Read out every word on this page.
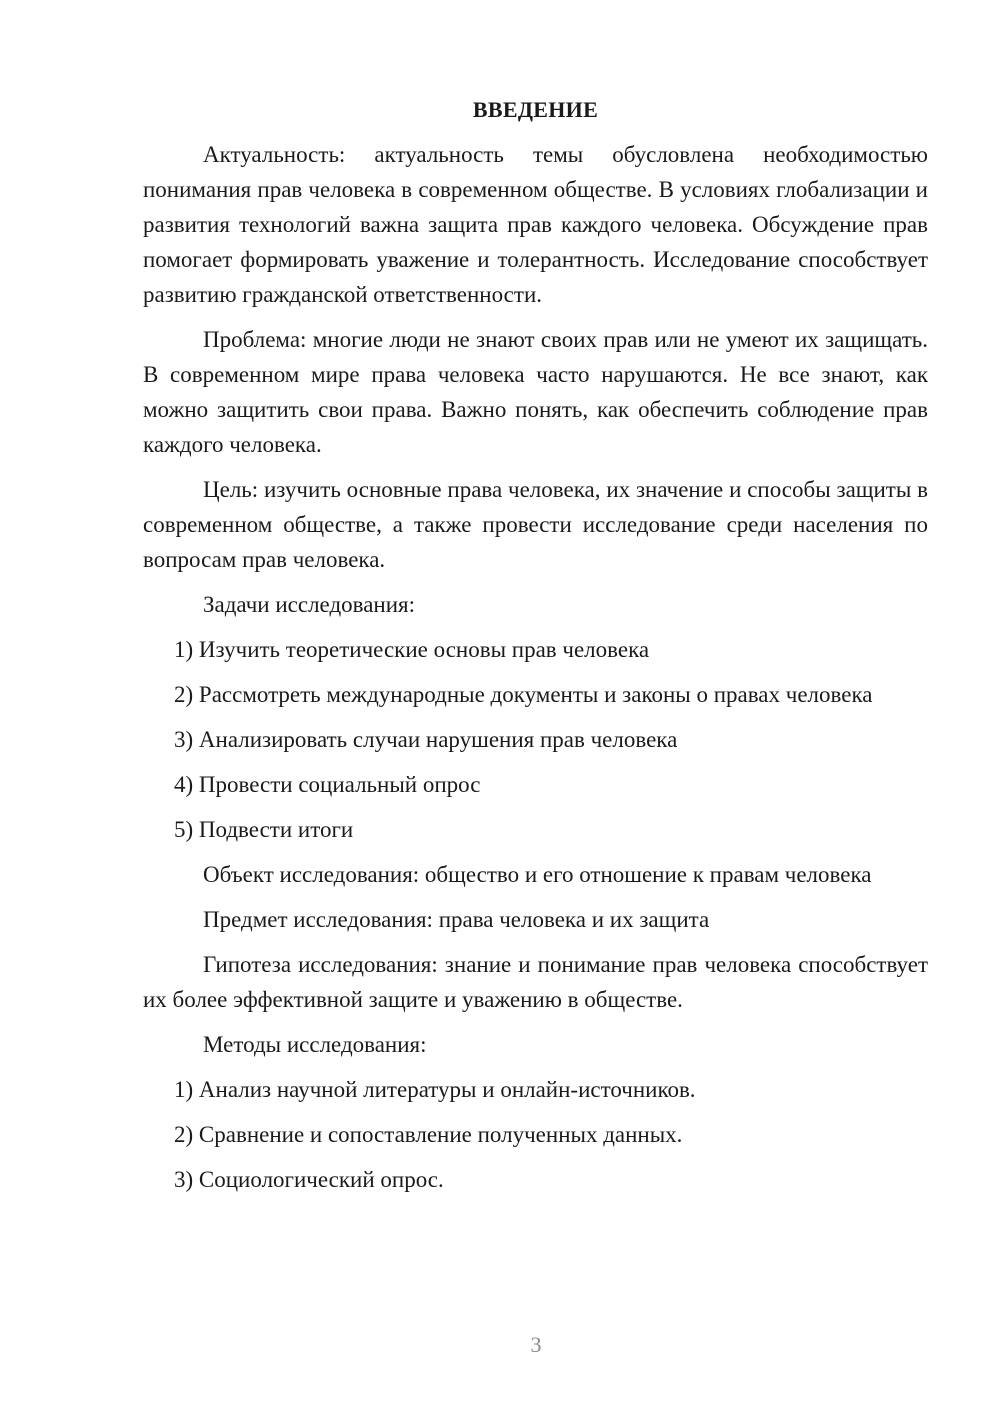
ВВЕДЕНИЕ

Актуальность: актуальность темы обусловлена необходимостью понимания прав человека в современном обществе. В условиях глобализации и развития технологий важна защита прав каждого человека. Обсуждение прав помогает формировать уважение и толерантность. Исследование способствует развитию гражданской ответственности.

Проблема: многие люди не знают своих прав или не умеют их защищать. В современном мире права человека часто нарушаются. Не все знают, как можно защитить свои права. Важно понять, как обеспечить соблюдение прав каждого человека.

Цель: изучить основные права человека, их значение и способы защиты в современном обществе, а также провести исследование среди населения по вопросам прав человека.

Задачи исследования:

1) Изучить теоретические основы прав человека

2) Рассмотреть международные документы и законы о правах человека

3) Анализировать случаи нарушения прав человека

4) Провести социальный опрос

5) Подвести итоги

Объект исследования: общество и его отношение к правам человека

Предмет исследования: права человека и их защита

Гипотеза исследования: знание и понимание прав человека способствует их более эффективной защите и уважению в обществе.

Методы исследования:

1) Анализ научной литературы и онлайн-источников.

2) Сравнение и сопоставление полученных данных.

3) Социологический опрос.

3
